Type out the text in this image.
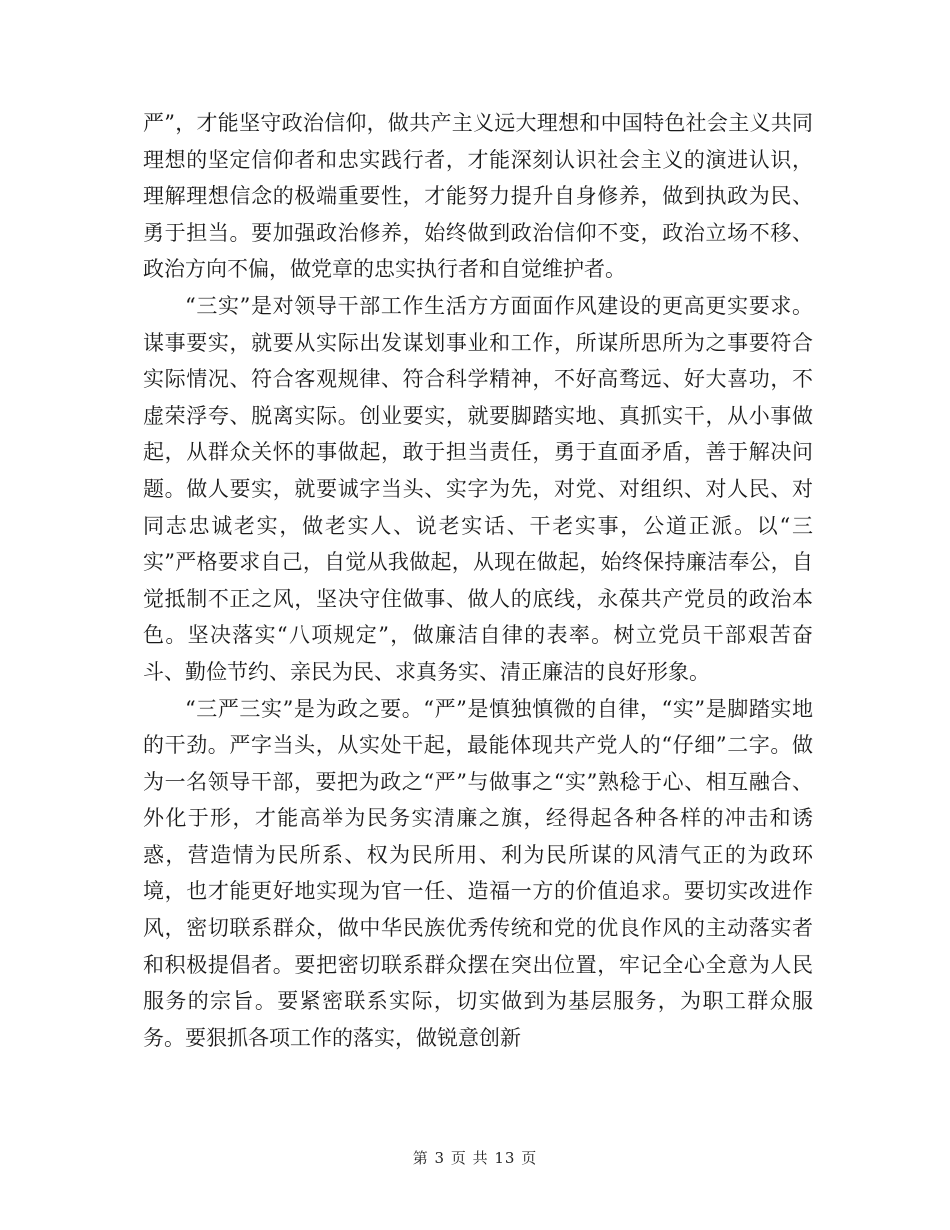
严”，才能坚守政治信仰，做共产主义远大理想和中国特色社会主义共同理想的坚定信仰者和忠实践行者，才能深刻认识社会主义的演进认识，理解理想信念的极端重要性，才能努力提升自身修养，做到执政为民、勇于担当。要加强政治修养，始终做到政治信仰不变，政治立场不移、政治方向不偏，做党章的忠实执行者和自觉维护者。

“三实”是对领导干部工作生活方方面面作风建设的更高更实要求。谋事要实，就要从实际出发谋划事业和工作，所谋所思所为之事要符合实际情况、符合客观规律、符合科学精神，不好高骛远、好大喜功，不虚荣浮夸、脱离实际。创业要实，就要脚踏实地、真抓实干，从小事做起，从群众关怀的事做起，敢于担当责任，勇于直面矛盾，善于解决问题。做人要实，就要诚字当头、实字为先，对党、对组织、对人民、对同志忠诚老实，做老实人、说老实话、干老实事，公道正派。以“三实”严格要求自己，自觉从我做起，从现在做起，始终保持廉洁奉公，自觉抵制不正之风，坚决守住做事、做人的底线，永葆共产党员的政治本色。坚决落实“八项规定”，做廉洁自律的表率。树立党员干部艰苦奋斗、勤俭节约、亲民为民、求真务实、清正廉洁的良好形象。

“三严三实”是为政之要。“严”是慎独慎微的自律，“实”是脚踏实地的干劲。严字当头，从实处干起，最能体现共产党人的“仔细”二字。做为一名领导干部，要把为政之“严”与做事之“实”熟稔于心、相互融合、外化于形，才能高举为民务实清廉之旗，经得起各种各样的冲击和诱惑，营造情为民所系、权为民所用、利为民所谋的风清气正的为政环境，也才能更好地实现为官一任、造福一方的价值追求。要切实改进作风，密切联系群众，做中华民族优秀传统和党的优良作风的主动落实者和积极提倡者。要把密切联系群众摆在突出位置，牢记全心全意为人民服务的宗旨。要紧密联系实际，切实做到为基层服务，为职工群众服务。要狠抓各项工作的落实，做锐意创新

第 3 页 共 13 页
